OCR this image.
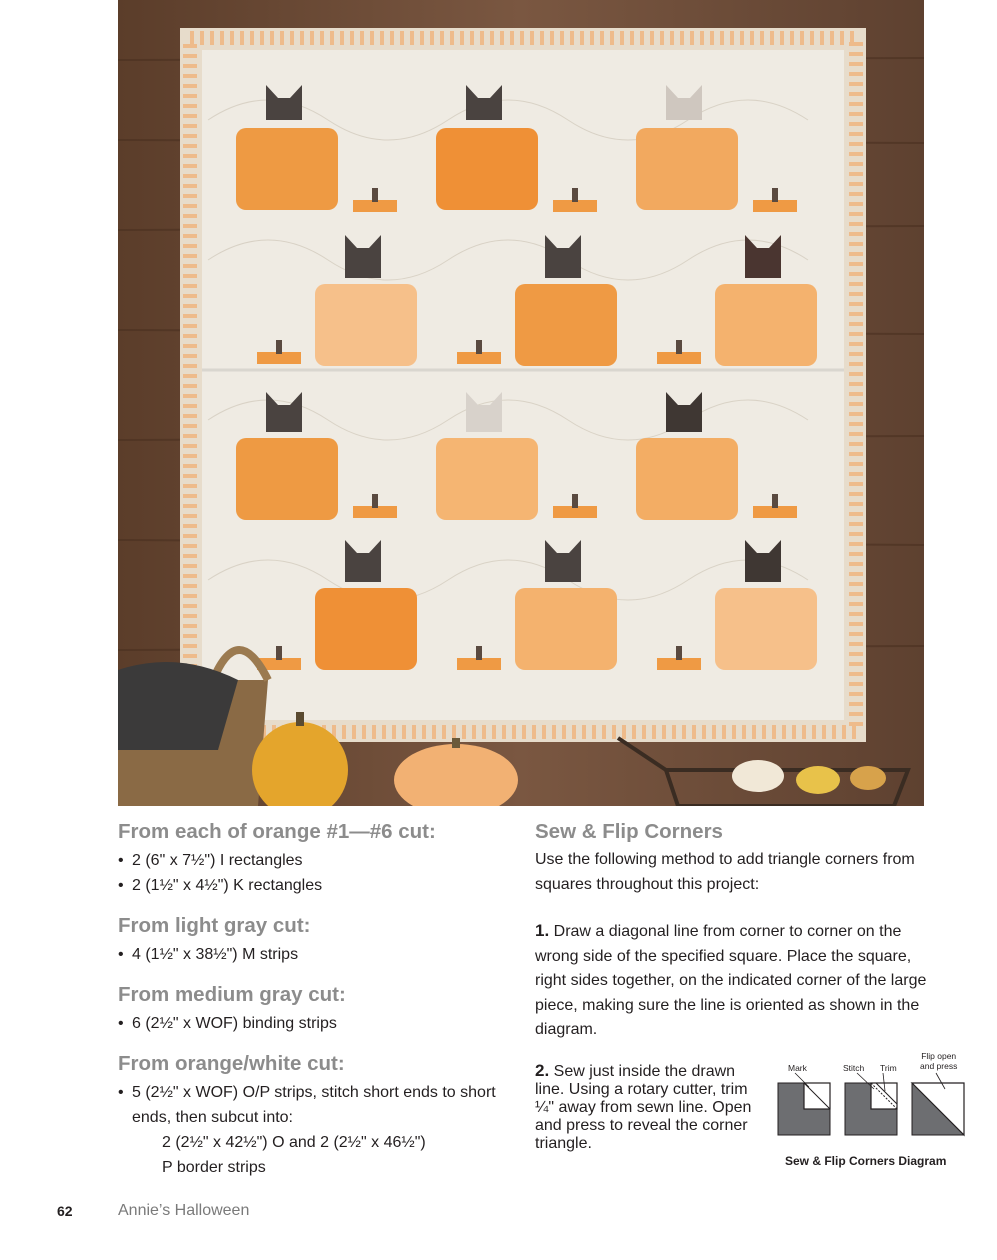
From each of orange #1—#6 cut:
• 2 (6" x 7½") I rectangles
• 2 (1½" x 4½") K rectangles
From light gray cut:
• 4 (1½" x 38½") M strips
From medium gray cut:
• 6 (2½" x WOF) binding strips
From orange/white cut:
• 5 (2½" x WOF) O/P strips, stitch short ends to short ends, then subcut into:
2 (2½" x 42½") O and 2 (2½" x 46½")
P border strips
Sew & Flip Corners

Use the following method to add triangle corners from squares throughout this project:

1. Draw a diagonal line from corner to corner on the wrong side of the specified square. Place the square, right sides together, on the indicated corner of the large piece, making sure the line is oriented as shown in the diagram.

2. Sew just inside the drawn line. Using a rotary cutter, trim ¼" away from sewn line. Open and press to reveal the corner triangle.

Mark	Stitch Trim
Flip open
and press
Sew & Flip Corners Diagram
62	Annie’s Halloween
